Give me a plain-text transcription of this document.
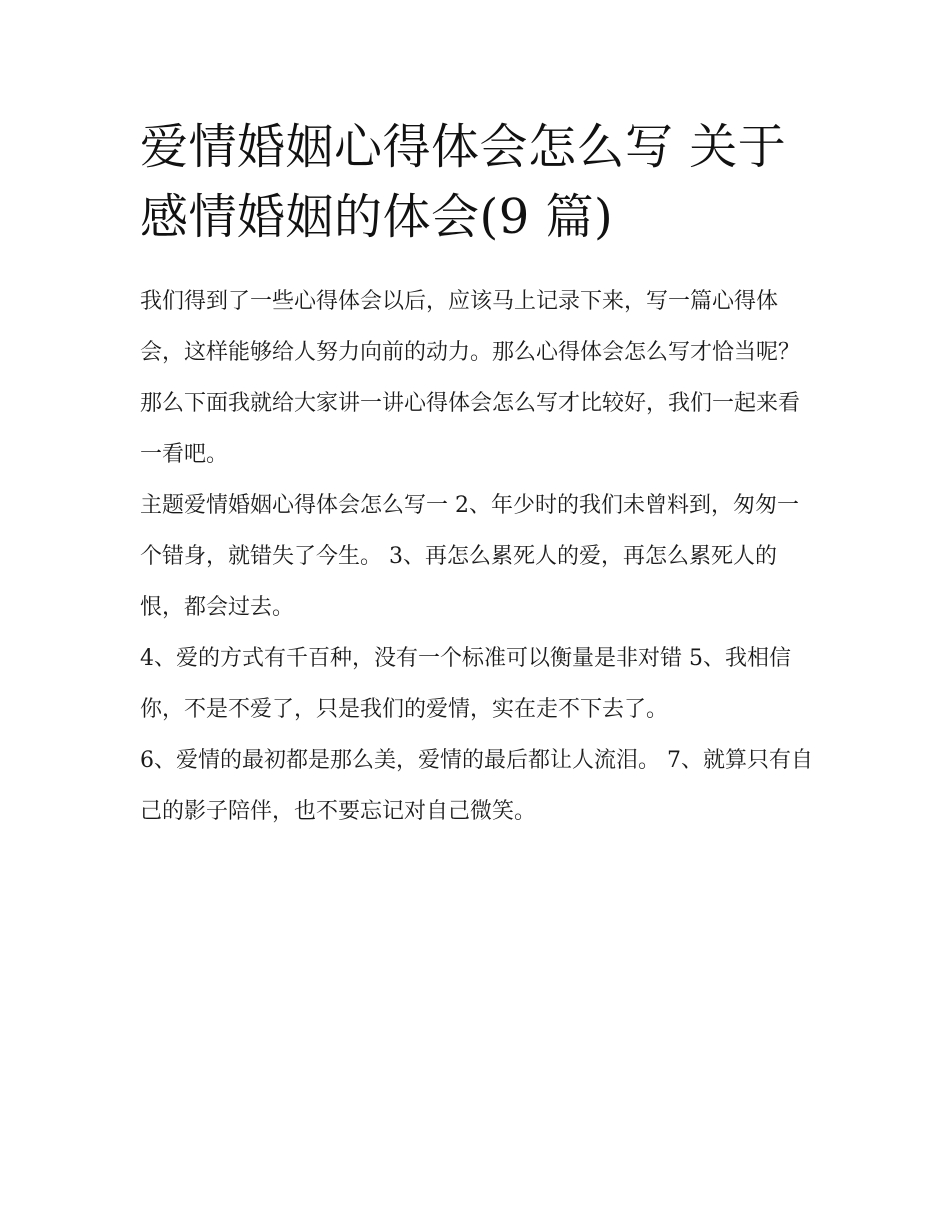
爱情婚姻心得体会怎么写 关于感情婚姻的体会(9 篇)

我们得到了一些心得体会以后，应该马上记录下来，写一篇心得体会，这样能够给人努力向前的动力。那么心得体会怎么写才恰当呢？那么下面我就给大家讲一讲心得体会怎么写才比较好，我们一起来看一看吧。

主题爱情婚姻心得体会怎么写一 2、年少时的我们未曾料到，匆匆一个错身，就错失了今生。 3、再怎么累死人的爱，再怎么累死人的恨，都会过去。

4、爱的方式有千百种，没有一个标准可以衡量是非对错 5、我相信你，不是不爱了，只是我们的爱情，实在走不下去了。

6、爱情的最初都是那么美，爱情的最后都让人流泪。 7、就算只有自己的影子陪伴，也不要忘记对自己微笑。
